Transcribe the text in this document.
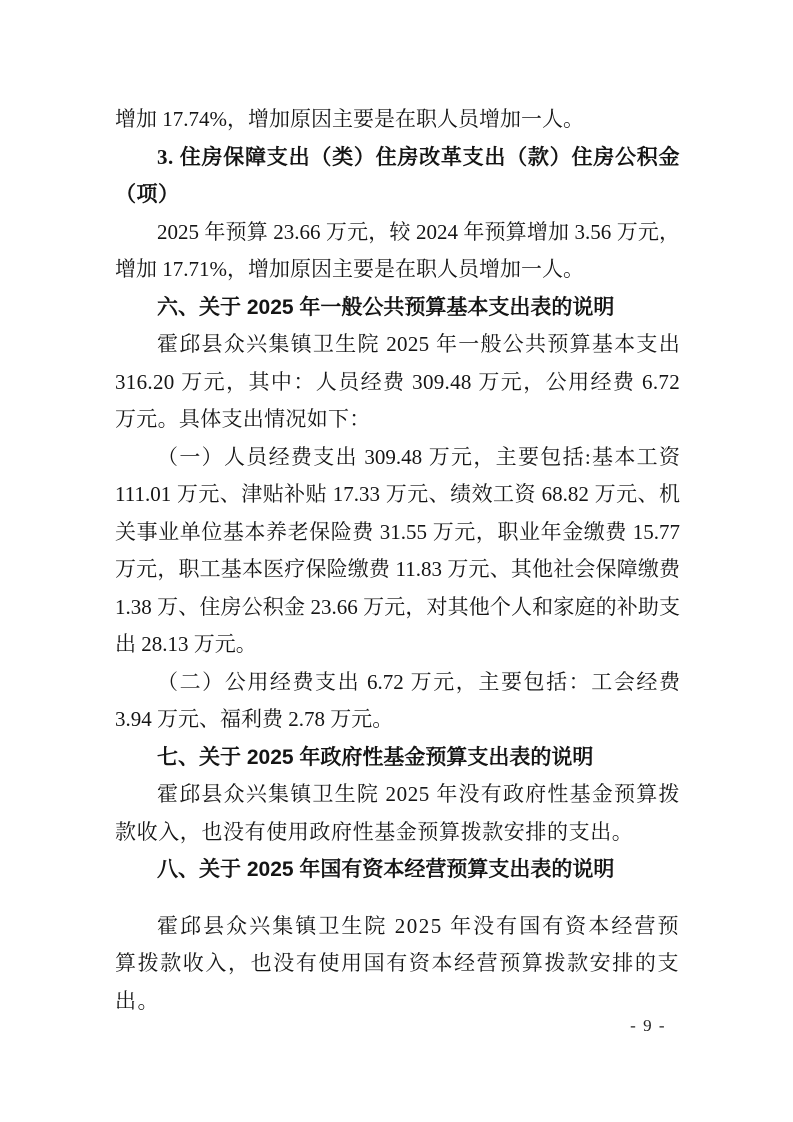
增加 17.74%，增加原因主要是在职人员增加一人。

3. 住房保障支出（类）住房改革支出（款）住房公积金（项）

2025 年预算 23.66 万元，较 2024 年预算增加 3.56 万元，增加 17.71%，增加原因主要是在职人员增加一人。

六、关于 2025 年一般公共预算基本支出表的说明

霍邱县众兴集镇卫生院 2025 年一般公共预算基本支出 316.20 万元，其中：人员经费 309.48 万元，公用经费 6.72 万元。具体支出情况如下：

（一）人员经费支出 309.48 万元，主要包括:基本工资 111.01 万元、津贴补贴 17.33 万元、绩效工资 68.82 万元、机关事业单位基本养老保险费 31.55 万元，职业年金缴费 15.77 万元，职工基本医疗保险缴费 11.83 万元、其他社会保障缴费 1.38 万、住房公积金 23.66 万元，对其他个人和家庭的补助支出 28.13 万元。

（二）公用经费支出 6.72 万元，主要包括：工会经费 3.94 万元、福利费 2.78 万元。

七、关于 2025 年政府性基金预算支出表的说明

霍邱县众兴集镇卫生院 2025 年没有政府性基金预算拨款收入，也没有使用政府性基金预算拨款安排的支出。

八、关于 2025 年国有资本经营预算支出表的说明

霍邱县众兴集镇卫生院 2025 年没有国有资本经营预算拨款收入，也没有使用国有资本经营预算拨款安排的支出。

- 9 -
